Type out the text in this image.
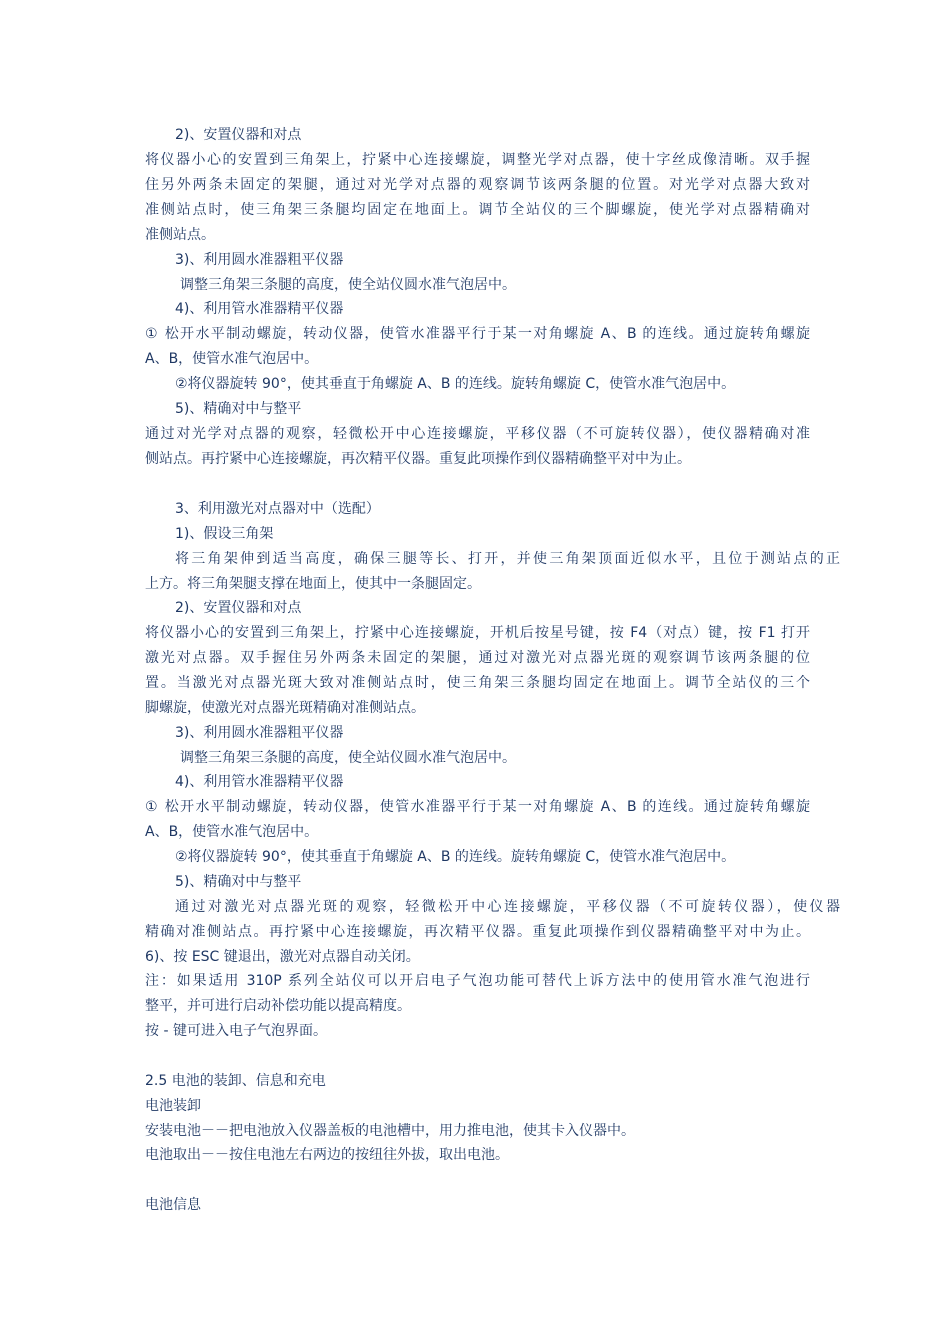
2)、安置仪器和对点
将仪器小心的安置到三角架上，拧紧中心连接螺旋，调整光学对点器，使十字丝成像清晰。双手握
住另外两条未固定的架腿，通过对光学对点器的观察调节该两条腿的位置。对光学对点器大致对
准侧站点时，使三角架三条腿均固定在地面上。调节全站仪的三个脚螺旋，使光学对点器精确对
准侧站点。
3)、利用圆水准器粗平仪器
调整三角架三条腿的高度，使全站仪圆水准气泡居中。
4)、利用管水准器精平仪器
① 松开水平制动螺旋，转动仪器，使管水准器平行于某一对角螺旋 A、B 的连线。通过旋转角螺旋
A、B，使管水准气泡居中。
②将仪器旋转 90°，使其垂直于角螺旋 A、B 的连线。旋转角螺旋 C，使管水准气泡居中。
5)、精确对中与整平
通过对光学对点器的观察，轻微松开中心连接螺旋，平移仪器（不可旋转仪器），使仪器精确对准
侧站点。再拧紧中心连接螺旋，再次精平仪器。重复此项操作到仪器精确整平对中为止。
3、利用激光对点器对中（选配）
1)、假设三角架
将三角架伸到适当高度，确保三腿等长、打开，并使三角架顶面近似水平，且位于测站点的正
上方。将三角架腿支撑在地面上，使其中一条腿固定。
2)、安置仪器和对点
将仪器小心的安置到三角架上，拧紧中心连接螺旋，开机后按星号键，按 F4（对点）键，按 F1 打开
激光对点器。双手握住另外两条未固定的架腿，通过对激光对点器光斑的观察调节该两条腿的位
置。当激光对点器光斑大致对准侧站点时，使三角架三条腿均固定在地面上。调节全站仪的三个
脚螺旋，使激光对点器光斑精确对准侧站点。
3)、利用圆水准器粗平仪器
调整三角架三条腿的高度，使全站仪圆水准气泡居中。
4)、利用管水准器精平仪器
① 松开水平制动螺旋，转动仪器，使管水准器平行于某一对角螺旋 A、B 的连线。通过旋转角螺旋
A、B，使管水准气泡居中。
②将仪器旋转 90°，使其垂直于角螺旋 A、B 的连线。旋转角螺旋 C，使管水准气泡居中。
5)、精确对中与整平
通过对激光对点器光斑的观察，轻微松开中心连接螺旋，平移仪器（不可旋转仪器），使仪器
精确对准侧站点。再拧紧中心连接螺旋，再次精平仪器。重复此项操作到仪器精确整平对中为止。
6)、按 ESC 键退出，激光对点器自动关闭。
注：如果适用 310P 系列全站仪可以开启电子气泡功能可替代上诉方法中的使用管水准气泡进行
整平，并可进行启动补偿功能以提高精度。
按 - 键可进入电子气泡界面。
2.5 电池的装卸、信息和充电
电池装卸
安装电池－－把电池放入仪器盖板的电池槽中，用力推电池，使其卡入仪器中。
电池取出－－按住电池左右两边的按纽往外拔，取出电池。
电池信息
